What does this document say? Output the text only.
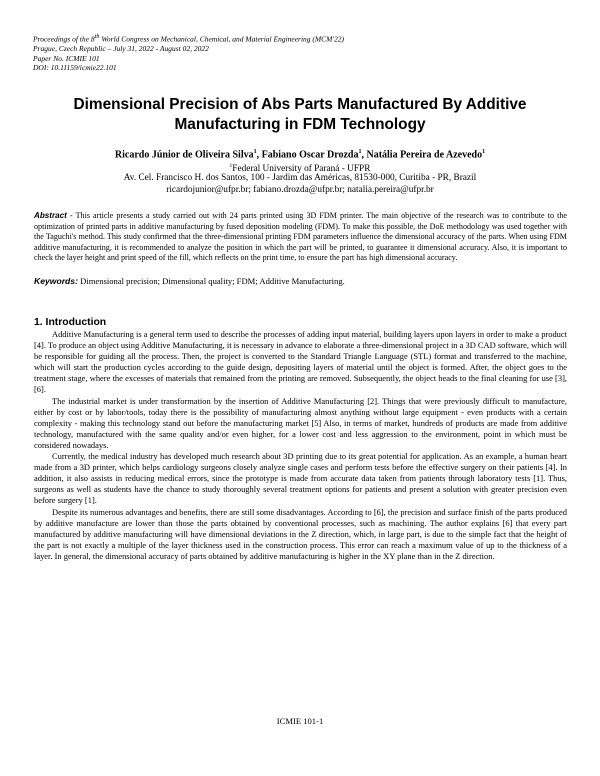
Proceedings of the 8th World Congress on Mechanical, Chemical, and Material Engineering (MCM'22)
Prague, Czech Republic – July 31, 2022 - August 02, 2022
Paper No. ICMIE 101
DOI: 10.11159/icmie22.101
Dimensional Precision of Abs Parts Manufactured By Additive
Manufacturing in FDM Technology
Ricardo Júnior de Oliveira Silva$^1$, Fabiano Oscar Drozda$^1$, Natália Pereira de Azevedo$^1$
$^1$Federal University of Paraná - UFPR
Av. Cel. Francisco H. dos Santos, 100 - Jardim das Américas, 81530-000, Curitiba - PR, Brazil
ricardojunior@ufpr.br; fabiano.drozda@ufpr.br; natalia.pereira@ufpr.br
Abstract - This article presents a study carried out with 24 parts printed using 3D FDM printer. The main objective of the research was to contribute to the optimization of printed parts in additive manufacturing by fused deposition modeling (FDM). To make this possible, the DoE methodology was used together with the Taguchi's method. This study confirmed that the three-dimensional printing FDM parameters influence the dimensional accuracy of the parts. When using FDM additive manufacturing, it is recommended to analyze the position in which the part will be printed, to guarantee it dimensional accuracy. Also, it is important to check the layer height and print speed of the fill, which reflects on the print time, to ensure the part has high dimensional accuracy.
Keywords: Dimensional precision; Dimensional quality; FDM; Additive Manufacturing.
1. Introduction

Additive Manufacturing is a general term used to describe the processes of adding input material, building layers upon layers in order to make a product [4]. To produce an object using Additive Manufacturing, it is necessary in advance to elaborate a three-dimensional project in a 3D CAD software, which will be responsible for guiding all the process. Then, the project is converted to the Standard Triangle Language (STL) format and transferred to the machine, which will start the production cycles according to the guide design, depositing layers of material until the object is formed. After, the object goes to the treatment stage, where the excesses of materials that remained from the printing are removed. Subsequently, the object heads to the final cleaning for use [3],[6].

The industrial market is under transformation by the insertion of Additive Manufacturing [2]. Things that were previously difficult to manufacture, either by cost or by labor/tools, today there is the possibility of manufacturing almost anything without large equipment - even products with a certain complexity - making this technology stand out before the manufacturing market [5] Also, in terms of market, hundreds of products are made from additive technology, manufactured with the same quality and/or even higher, for a lower cost and less aggression to the environment, point in which must be considered nowadays.

Currently, the medical industry has developed much research about 3D printing due to its great potential for application. As an example, a human heart made from a 3D printer, which helps cardiology surgeons closely analyze single cases and perform tests before the effective surgery on their patients [4]. In addition, it also assists in reducing medical errors, since the prototype is made from accurate data taken from patients through laboratory tests [1]. Thus, surgeons as well as students have the chance to study thoroughly several treatment options for patients and present a solution with greater precision even before surgery [1].

Despite its numerous advantages and benefits, there are still some disadvantages. According to [6], the precision and surface finish of the parts produced by additive manufacture are lower than those the parts obtained by conventional processes, such as machining. The author explains [6] that every part manufactured by additive manufacturing will have dimensional deviations in the Z direction, which, in large part, is due to the simple fact that the height of the part is not exactly a multiple of the layer thickness used in the construction process. This error can reach a maximum value of up to the thickness of a layer. In general, the dimensional accuracy of parts obtained by additive manufacturing is higher in the XY plane than in the Z direction.

ICMIE 101-1
